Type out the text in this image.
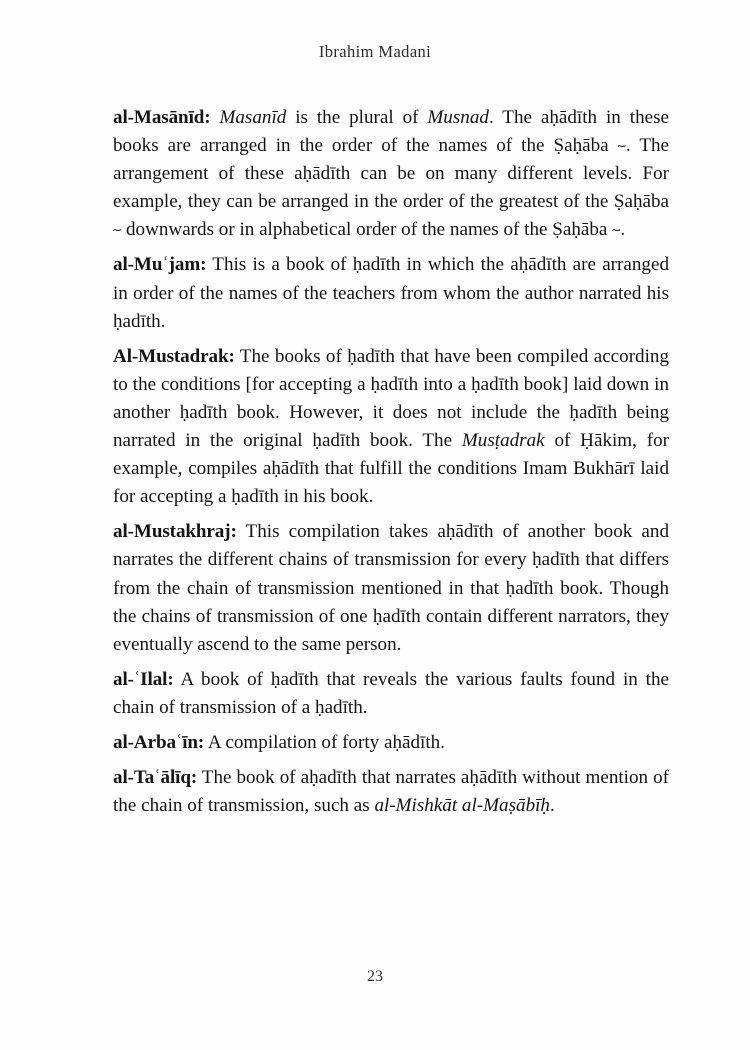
Ibrahim Madani

al-Masānīd: Masanīd is the plural of Musnad. The aḥādīth in these books are arranged in the order of the names of the Ṣaḥāba ؅. The arrangement of these aḥādīth can be on many different levels. For example, they can be arranged in the order of the greatest of the Ṣaḥāba ؅ downwards or in alphabetical order of the names of the Ṣaḥāba ؅.

al-Muʿjam: This is a book of ḥadīth in which the aḥādīth are arranged in order of the names of the teachers from whom the author narrated his ḥadīth.

Al-Mustadrak: The books of ḥadīth that have been compiled according to the conditions [for accepting a ḥadīth into a ḥadīth book] laid down in another ḥadīth book. However, it does not include the ḥadīth being narrated in the original ḥadīth book. The Musṭadrak of Ḥākim, for example, compiles aḥādīth that fulfill the conditions Imam Bukhārī laid for accepting a ḥadīth in his book.

al-Mustakhraj: This compilation takes aḥādīth of another book and narrates the different chains of transmission for every ḥadīth that differs from the chain of transmission mentioned in that ḥadīth book. Though the chains of transmission of one ḥadīth contain different narrators, they eventually ascend to the same person.

al-ʿIlal: A book of ḥadīth that reveals the various faults found in the chain of transmission of a ḥadīth.

al-Arbaʿīn: A compilation of forty aḥādīth.

al-Taʿālīq: The book of aḥadīth that narrates aḥādīth without mention of the chain of transmission, such as al-Mishkāt al-Maṣābīḥ.

23
